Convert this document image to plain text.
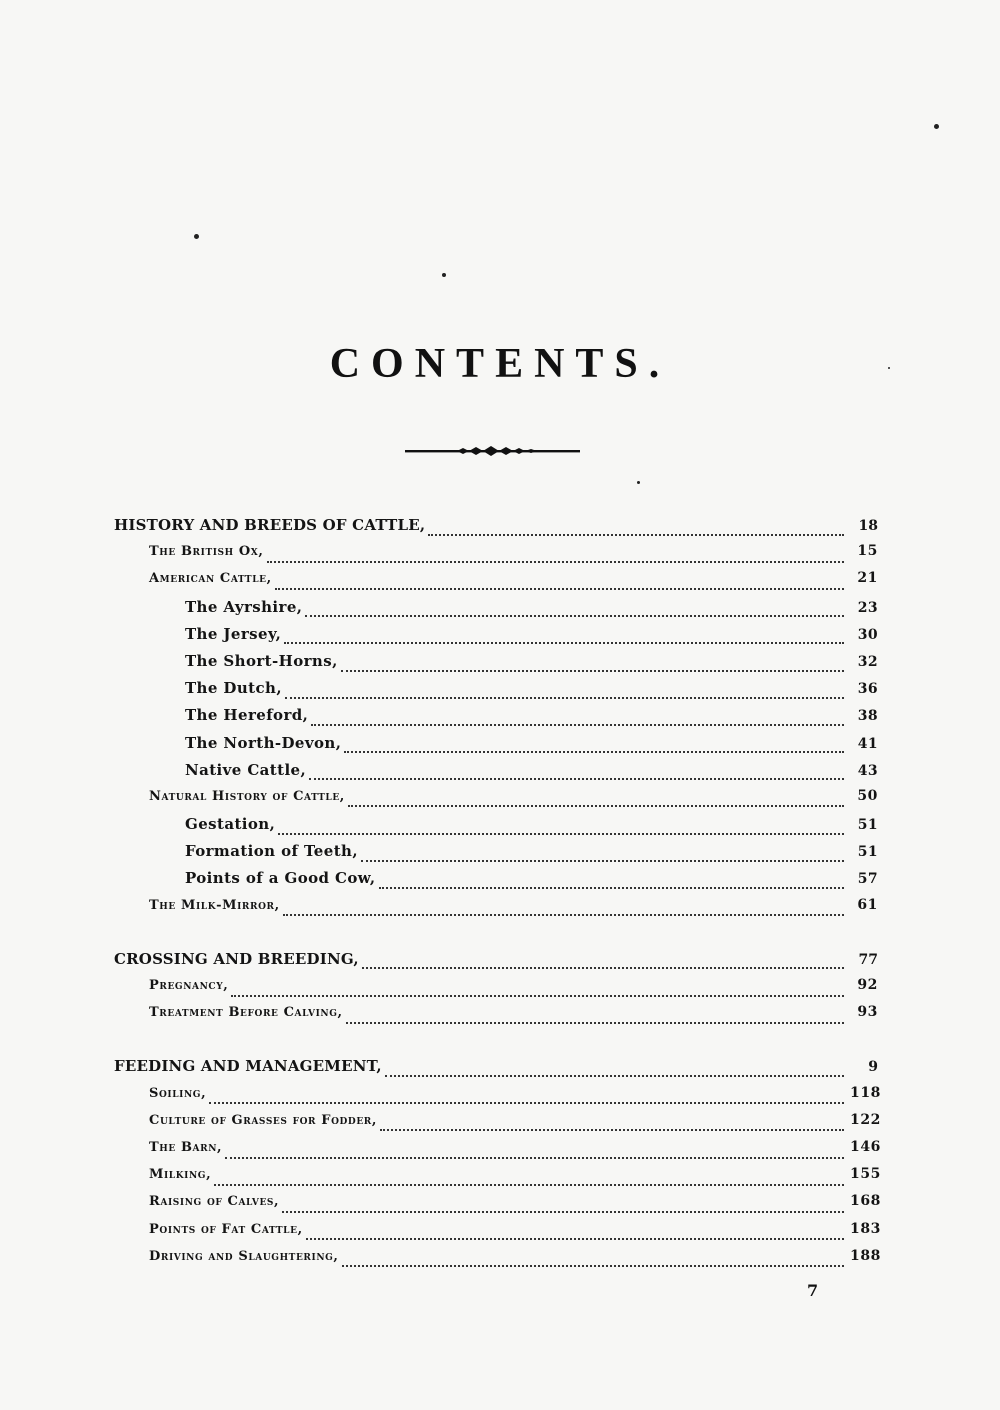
CONTENTS.
HISTORY AND BREEDS OF CATTLE,	18
The British Ox,	15
American Cattle,	21
The Ayrshire,	23
The Jersey,	30
The Short-Horns,	32
The Dutch,	36
The Hereford,	38
The North-Devon,	41
Native Cattle,	43
Natural History of Cattle,	50
Gestation,	51
Formation of Teeth,	51
Points of a Good Cow,	57
The Milk-Mirror,	61
CROSSING AND BREEDING,	77
Pregnancy,	92
Treatment Before Calving,	93
FEEDING AND MANAGEMENT,	9
Soiling,	118
Culture of Grasses for Fodder,	122
The Barn,	146
Milking,	155
Raising of Calves,	168
Points of Fat Cattle,	183
Driving and Slaughtering,	188
7
